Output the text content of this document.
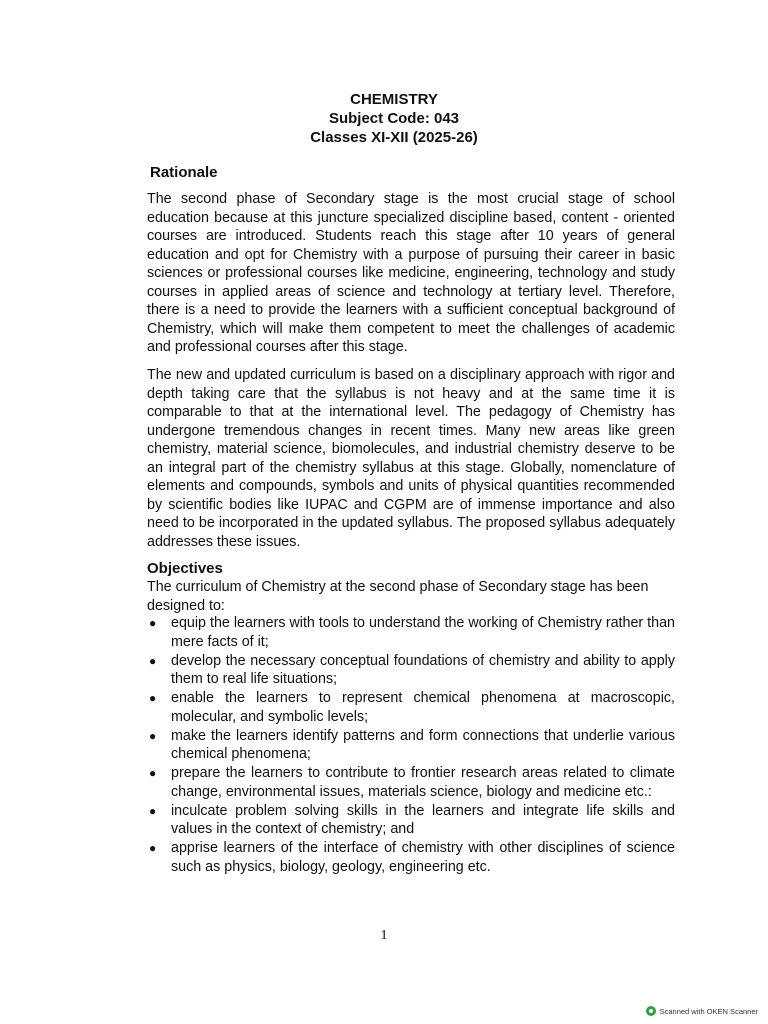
CHEMISTRY
Subject Code: 043
Classes XI-XII (2025-26)
Rationale

The second phase of Secondary stage is the most crucial stage of school education because at this juncture specialized discipline based, content - oriented courses are introduced. Students reach this stage after 10 years of general education and opt for Chemistry with a purpose of pursuing their career in basic sciences or professional courses like medicine, engineering, technology and study courses in applied areas of science and technology at tertiary level. Therefore, there is a need to provide the learners with a sufficient conceptual background of Chemistry, which will make them competent to meet the challenges of academic and professional courses after this stage.

The new and updated curriculum is based on a disciplinary approach with rigor and depth taking care that the syllabus is not heavy and at the same time it is comparable to that at the international level. The pedagogy of Chemistry has undergone tremendous changes in recent times. Many new areas like green chemistry, material science, biomolecules, and industrial chemistry deserve to be an integral part of the chemistry syllabus at this stage. Globally, nomenclature of elements and compounds, symbols and units of physical quantities recommended by scientific bodies like IUPAC and CGPM are of immense importance and also need to be incorporated in the updated syllabus. The proposed syllabus adequately addresses these issues.

Objectives

The curriculum of Chemistry at the second phase of Secondary stage has been designed to:

● equip the learners with tools to understand the working of Chemistry rather than mere facts of it;
● develop the necessary conceptual foundations of chemistry and ability to apply them to real life situations;
● enable the learners to represent chemical phenomena at macroscopic, molecular, and symbolic levels;
● make the learners identify patterns and form connections that underlie various chemical phenomena;
● prepare the learners to contribute to frontier research areas related to climate change, environmental issues, materials science, biology and medicine etc.:
● inculcate problem solving skills in the learners and integrate life skills and values in the context of chemistry; and
● apprise learners of the interface of chemistry with other disciplines of science such as physics, biology, geology, engineering etc.
1
Scanned with OKEN Scanner
